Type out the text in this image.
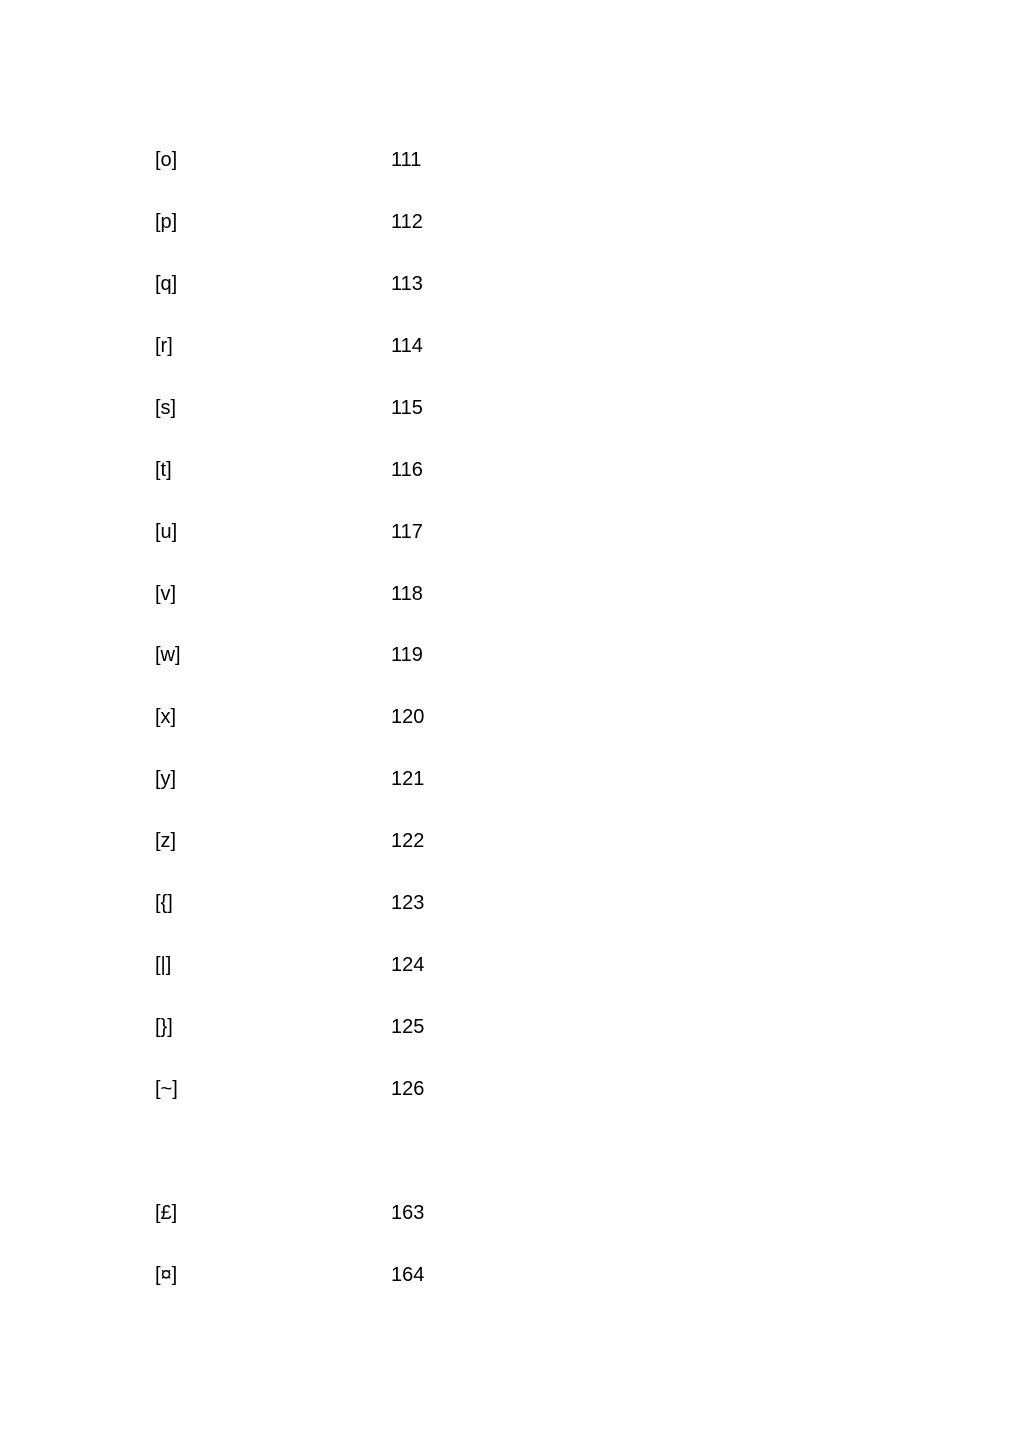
[o]	111
[p]	112
[q]	113
[r]	114
[s]	115
[t]	116
[u]	117
[v]	118
[w]	119
[x]	120
[y]	121
[z]	122
[{]	123
[|]	124
[}]	125
[~]	126
[£]	163
[¤]	164
